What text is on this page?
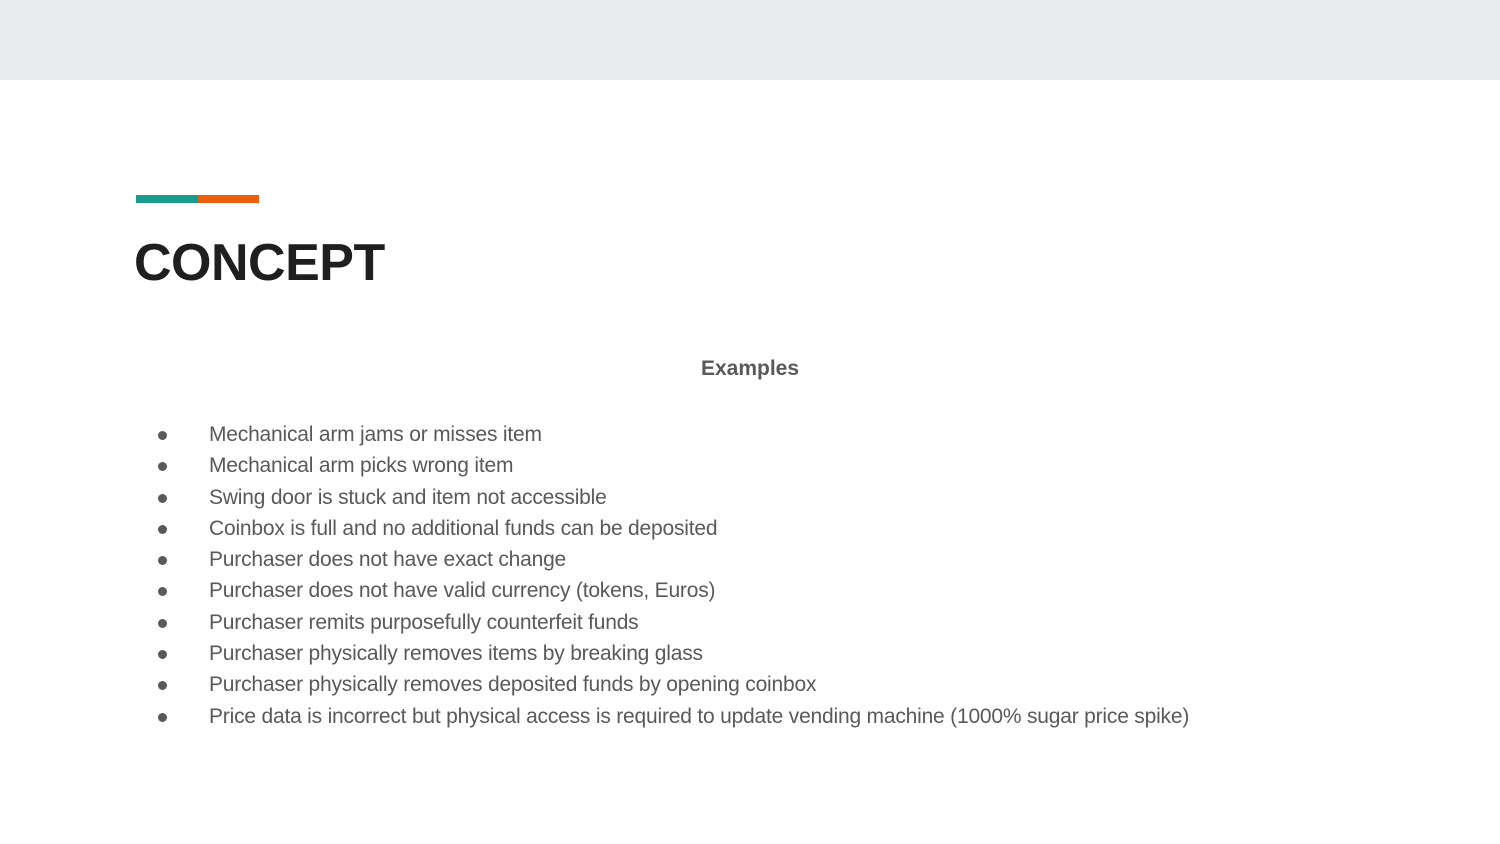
CONCEPT
Examples
Mechanical arm jams or misses item
Mechanical arm picks wrong item
Swing door is stuck and item not accessible
Coinbox is full and no additional funds can be deposited
Purchaser does not have exact change
Purchaser does not have valid currency (tokens, Euros)
Purchaser remits purposefully counterfeit funds
Purchaser physically removes items by breaking glass
Purchaser physically removes deposited funds by opening coinbox
Price data is incorrect but physical access is required to update vending machine (1000% sugar price spike)
